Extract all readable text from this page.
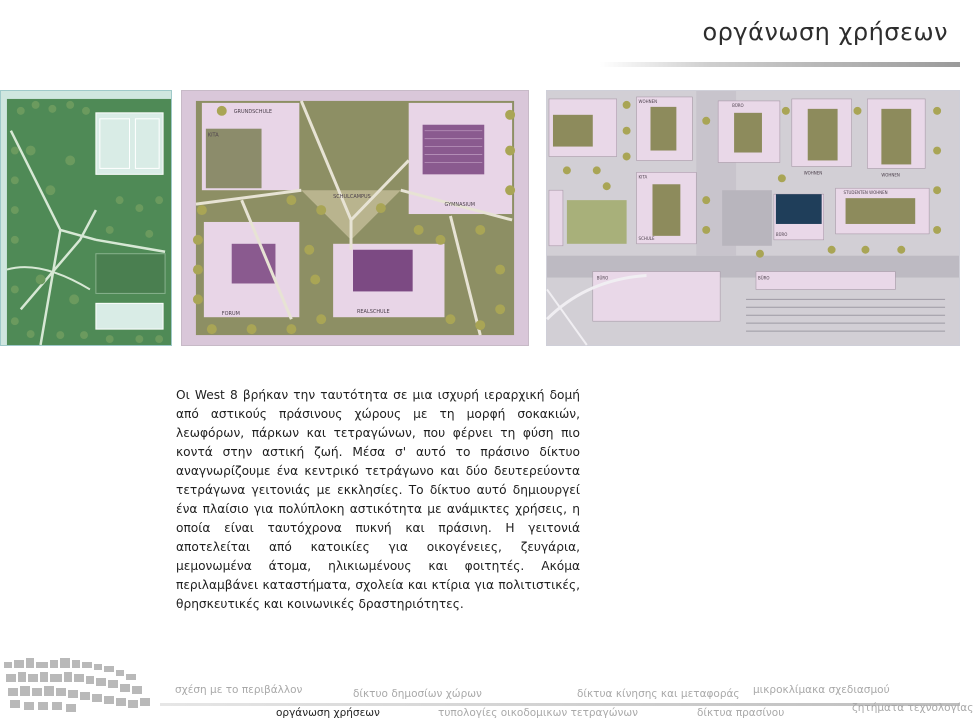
οργάνωση χρήσεων
GRUNDSCHULE
KITA
SCHULCAMPUS
GYMNASIUM
FORUM	REALSCHULE
WOHNEN
KITA
BÜRO
SCHULE
WOHNEN
BÜRO
STUDENTEN WOHNEN
BÜRO
WOHNEN
BÜRO
Οι West 8 βρήκαν την ταυτότητα σε μια ισχυρή ιεραρχική δομή από αστικούς πράσινους χώρους με τη μορφή σοκακιών, λεωφόρων, πάρκων και τετραγώνων, που φέρνει τη φύση πιο κοντά στην αστική ζωή. Μέσα σ' αυτό το πράσινο δίκτυο αναγνωρίζουμε ένα κεντρικό τετράγωνο και δύο δευτερεύοντα τετράγωνα γειτονιάς με εκκλησίες. Το δίκτυο αυτό δημιουργεί ένα πλαίσιο για πολύπλοκη αστικότητα με ανάμικτες χρήσεις, η οποία είναι ταυτόχρονα πυκνή και πράσινη. Η γειτονιά αποτελείται από κατοικίες για οικογένειες, ζευγάρια, μεμονωμένα άτομα, ηλικιωμένους και φοιτητές. Ακόμα περιλαμβάνει καταστήματα, σχολεία και κτίρια για πολιτιστικές, θρησκευτικές και κοινωνικές δραστηριότητες.
σχέση με το περιβάλλον	δίκτυο δημοσίων χώρων	δίκτυα κίνησης και μεταφοράς μικροκλίμακα σχεδιασμού
οργάνωση χρήσεων	τυπολογίες οικοδομικων τετραγώνων	δίκτυα πρασίνου	ζητήματα τεχνολογίας
